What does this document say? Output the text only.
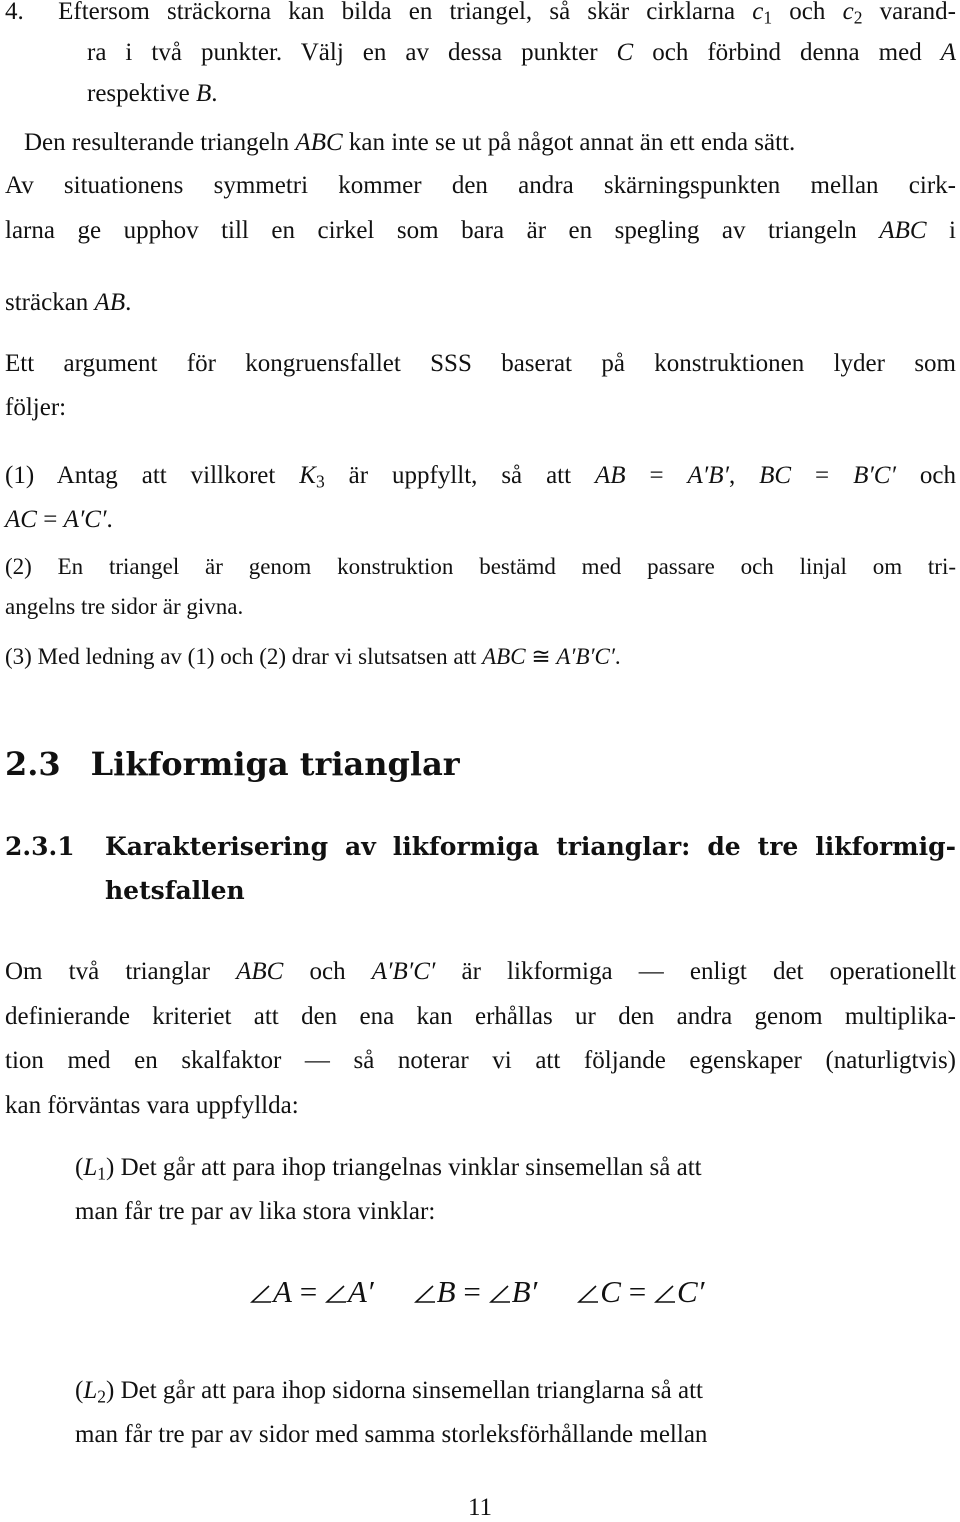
4. Eftersom sträckorna kan bilda en triangel, så skär cirklarna $c_1$ och $c_2$ varand-

ra i två punkter. Välj en av dessa punkter C och förbind denna med A

respektive B.

Den resulterande triangeln ABC kan inte se ut på något annat än ett enda sätt.

Av situationens symmetri kommer den andra skärningspunkten mellan cirk-

larna ge upphov till en cirkel som bara är en spegling av triangeln ABC i

sträckan AB.

Ett argument för kongruensfallet SSS baserat på konstruktionen lyder som

följer:

(1) Antag att villkoret $K_3$ är uppfyllt, så att AB = A′B′, BC = B′C′ och

AC = A′C′.

(2) En triangel är genom konstruktion bestämd med passare och linjal om tri-

angelns tre sidor är givna.

(3) Med ledning av (1) och (2) drar vi slutsatsen att ABC ≅ A′B′C′.

2.3 Likformiga trianglar
2.3.1	Karakterisering av likformiga trianglar: de tre likformig-
hetsfallen

Om två trianglar ABC och A′B′C′ är likformiga — enligt det operationellt

definierande kriteriet att den ena kan erhållas ur den andra genom multiplika-

tion med en skalfaktor — så noterar vi att följande egenskaper (naturligtvis)

kan förväntas vara uppfyllda:

$(L_1)$ Det går att para ihop triangelnas vinklar sinsemellan så att

man får tre par av lika stora vinklar:

A = A′ B = B′ C = C′

$(L_2)$ Det går att para ihop sidorna sinsemellan trianglarna så att

man får tre par av sidor med samma storleksförhållande mellan

11
